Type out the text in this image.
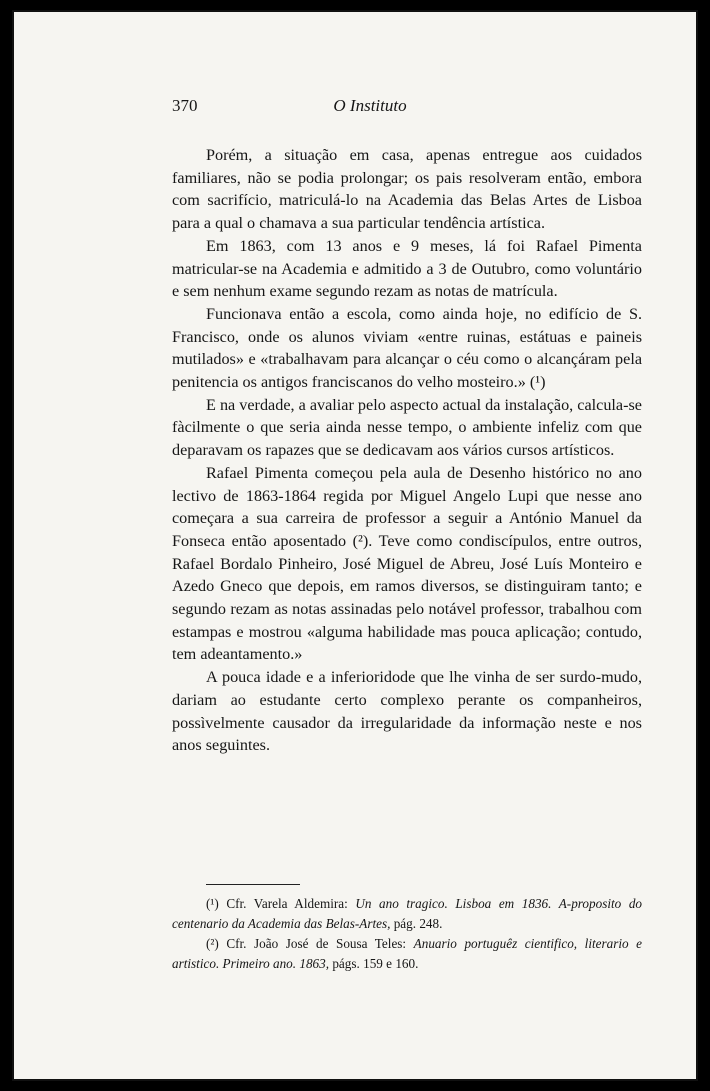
370	O Instituto

Porém, a situação em casa, apenas entregue aos cuidados familiares, não se podia prolongar; os pais resolveram então, embora com sacrifício, matriculá-lo na Academia das Belas Artes de Lisboa para a qual o chamava a sua particular tendência artística.

Em 1863, com 13 anos e 9 meses, lá foi Rafael Pimenta matricular-se na Academia e admitido a 3 de Outubro, como voluntário e sem nenhum exame segundo rezam as notas de matrícula.

Funcionava então a escola, como ainda hoje, no edifício de S. Francisco, onde os alunos viviam «entre ruinas, estátuas e paineis mutilados» e «trabalhavam para alcançar o céu como o alcançáram pela penitencia os antigos franciscanos do velho mosteiro.» (¹)

E na verdade, a avaliar pelo aspecto actual da instalação, calcula-se fàcilmente o que seria ainda nesse tempo, o ambiente infeliz com que deparavam os rapazes que se dedicavam aos vários cursos artísticos.

Rafael Pimenta começou pela aula de Desenho histórico no ano lectivo de 1863-1864 regida por Miguel Angelo Lupi que nesse ano começara a sua carreira de professor a seguir a António Manuel da Fonseca então aposentado (²). Teve como condiscípulos, entre outros, Rafael Bordalo Pinheiro, José Miguel de Abreu, José Luís Monteiro e Azedo Gneco que depois, em ramos diversos, se distinguiram tanto; e segundo rezam as notas assinadas pelo notável professor, trabalhou com estampas e mostrou «alguma habilidade mas pouca aplicação; contudo, tem adeantamento.»

A pouca idade e a inferioridode que lhe vinha de ser surdo-mudo, dariam ao estudante certo complexo perante os companheiros, possìvelmente causador da irregularidade da informação neste e nos anos seguintes.

(¹) Cfr. Varela Aldemira: Un ano tragico. Lisboa em 1836. A-proposito do centenario da Academia das Belas-Artes, pág. 248.

(²) Cfr. João José de Sousa Teles: Anuario portuguêz cientifico, literario e artistico. Primeiro ano. 1863, págs. 159 e 160.
